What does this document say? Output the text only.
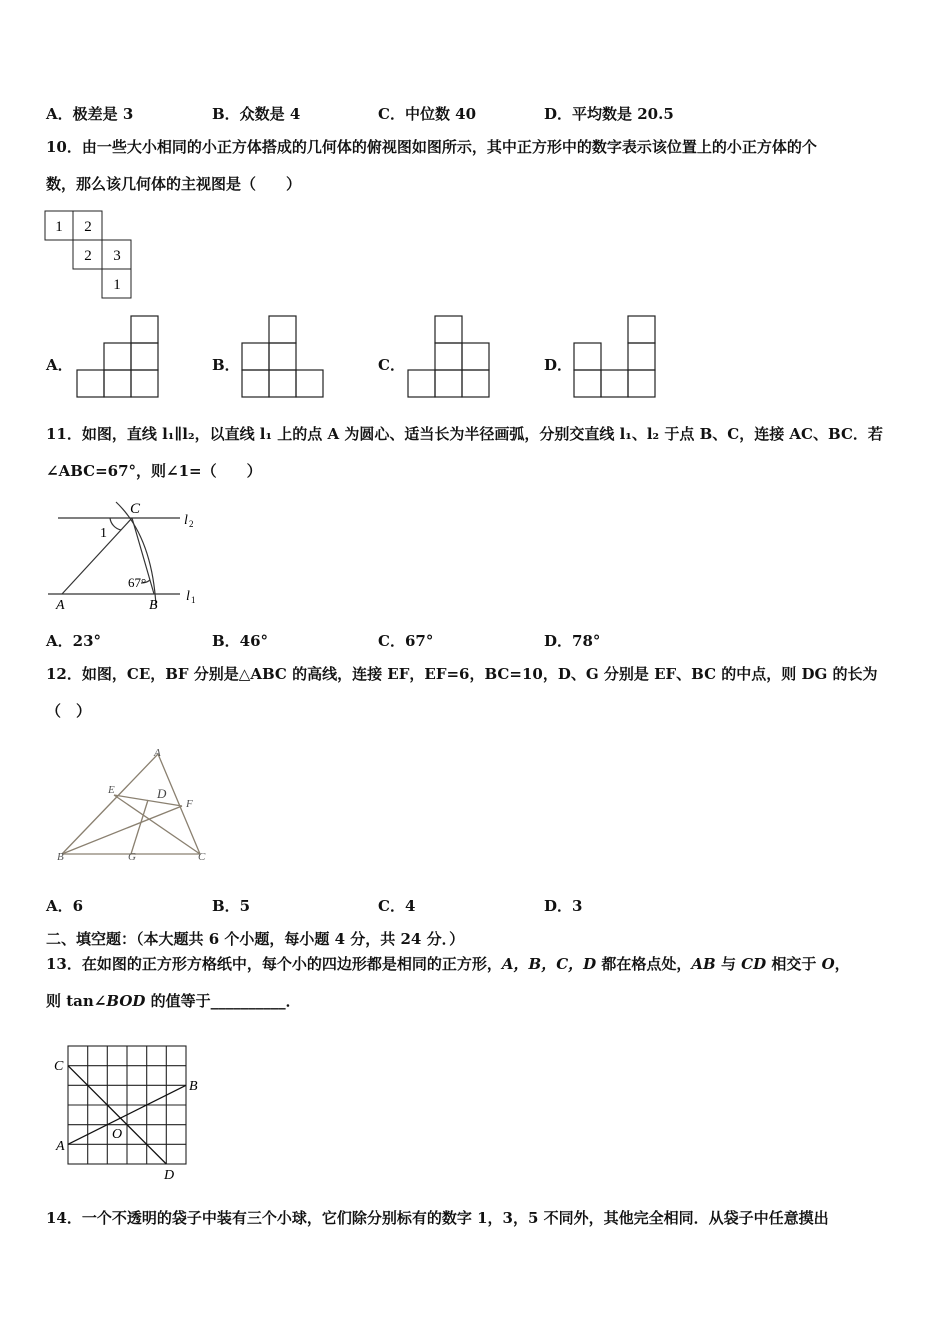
A．极差是 3	B．众数是 4	C．中位数 40	D．平均数是 20.5
10．由一些大小相同的小正方体搭成的几何体的俯视图如图所示，其中正方形中的数字表示该位置上的小正方体的个
数，那么该几何体的主视图是（　　）
1 2
2 3
1
A．	B．	C．	D．
11．如图，直线 l₁∥l₂，以直线 l₁ 上的点 A 为圆心、适当长为半径画弧，分别交直线 l₁、l₂ 于点 B、C，连接 AC、BC．若
∠ABC=67°，则∠1=（　　）
C
l 2
1
67°
A	B
l 1
A．23°	B．46°	C．67°	D．78°
12．如图，CE，BF 分别是△ABC 的高线，连接 EF，EF=6，BC=10，D、G 分别是 EF、BC 的中点，则 DG 的长为
（　）
A
E	D
F
B	G	C
A．6	B．5	C．4	D．3
二、填空题：（本大题共 6 个小题，每小题 4 分，共 24 分．）
13．在如图的正方形方格纸中，每个小的四边形都是相同的正方形，A，B，C，D 都在格点处，AB 与 CD 相交于 O，
则 tan∠BOD 的值等于__________．
C
B
O
A
D
14．一个不透明的袋子中装有三个小球，它们除分别标有的数字 1，3，5 不同外，其他完全相同．从袋子中任意摸出
